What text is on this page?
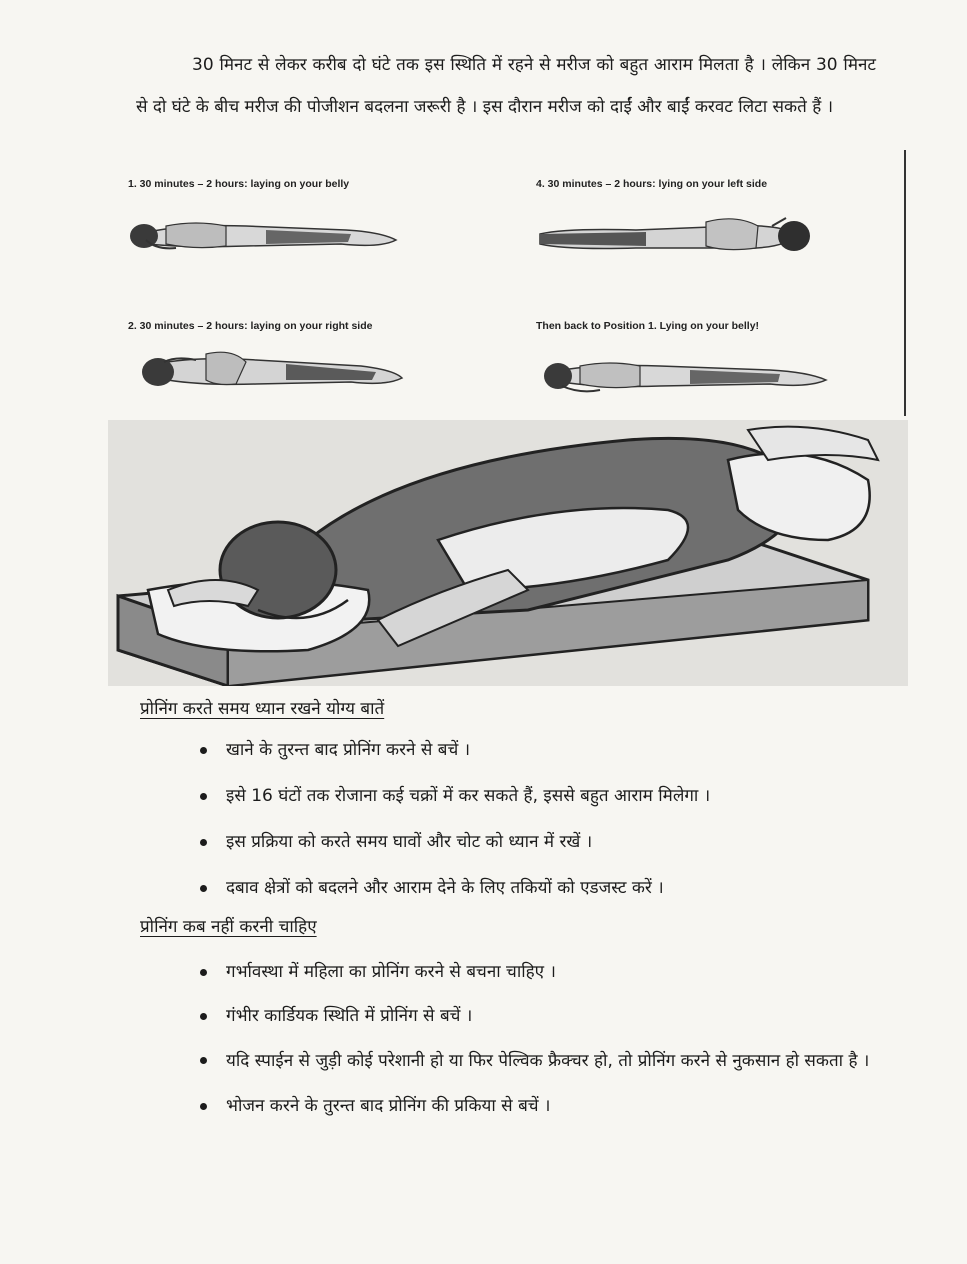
30 मिनट से लेकर करीब दो घंटे तक इस स्थिति में रहने से मरीज को बहुत आराम मिलता है । लेकिन 30 मिनट से दो घंटे के बीच मरीज की पोजीशन बदलना जरूरी है । इस दौरान मरीज को दाईं और बाईं करवट लिटा सकते हैं ।

1. 30 minutes – 2 hours: laying on your belly
2. 30 minutes – 2 hours: laying on your right side
4. 30 minutes – 2 hours: lying on your left side
Then back to Position 1. Lying on your belly!
प्रोनिंग करते समय ध्यान रखने योग्य बातें
खाने के तुरन्त बाद प्रोनिंग करने से बचें ।
इसे 16 घंटों तक रोजाना कई चक्रों में कर सकते हैं, इससे बहुत आराम मिलेगा ।
इस प्रक्रिया को करते समय घावों और चोट को ध्यान में रखें ।
दबाव क्षेत्रों को बदलने और आराम देने के लिए तकियों को एडजस्ट करें ।
प्रोनिंग कब नहीं करनी चाहिए
गर्भावस्था में महिला का प्रोनिंग करने से बचना चाहिए ।
गंभीर कार्डियक स्थिति में प्रोनिंग से बचें ।
यदि स्पाईन से जुड़ी कोई परेशानी हो या फिर पेल्विक फ्रैक्चर हो, तो प्रोनिंग करने से नुकसान हो सकता है ।
भोजन करने के तुरन्त बाद प्रोनिंग की प्रकिया से बचें ।
